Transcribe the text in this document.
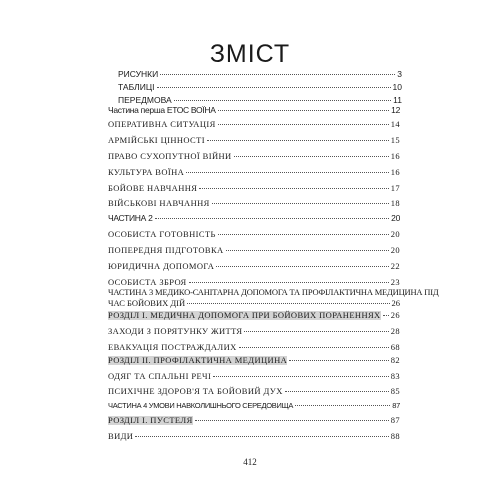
ЗМІСТ
РИСУНКИ	3
ТАБЛИЦІ	10
ПЕРЕДМОВА	11
Частина перша ЕТОС ВОЇНА	12
ОПЕРАТИВНА СИТУАЦІЯ	14
АРМІЙСЬКІ ЦІННОСТІ	15
ПРАВО СУХОПУТНОЇ ВІЙНИ	16
КУЛЬТУРА ВОЇНА	16
БОЙОВЕ НАВЧАННЯ	17
ВІЙСЬКОВІ НАВЧАННЯ	18
ЧАСТИНА 2	20
ОСОБИСТА ГОТОВНІСТЬ	20
ПОПЕРЕДНЯ ПІДГОТОВКА	20
ЮРИДИЧНА ДОПОМОГА	22
ОСОБИСТА ЗБРОЯ	23
ЧАСТИНА 3 МЕДИКО-САНІТАРНА ДОПОМОГА ТА ПРОФІЛАКТИЧНА МЕДИЦИНА ПІД
ЧАС БОЙОВИХ ДІЙ	26
РОЗДІЛ І. МЕДИЧНА ДОПОМОГА ПРИ БОЙОВИХ ПОРАНЕННЯХ 26
ЗАХОДИ З ПОРЯТУНКУ ЖИТТЯ	28
ЕВАКУАЦІЯ ПОСТРАЖДАЛИХ	68
РОЗДІЛ ІІ. ПРОФІЛАКТИЧНА МЕДИЦИНА	82
ОДЯГ ТА СПАЛЬНІ РЕЧІ	83
ПСИХІЧНЕ ЗДОРОВ'Я ТА БОЙОВИЙ ДУХ	85
ЧАСТИНА 4 УМОВИ НАВКОЛИШНЬОГО СЕРЕДОВИЩА	87
РОЗДІЛ І. ПУСТЕЛЯ	87
ВИДИ	88
412
